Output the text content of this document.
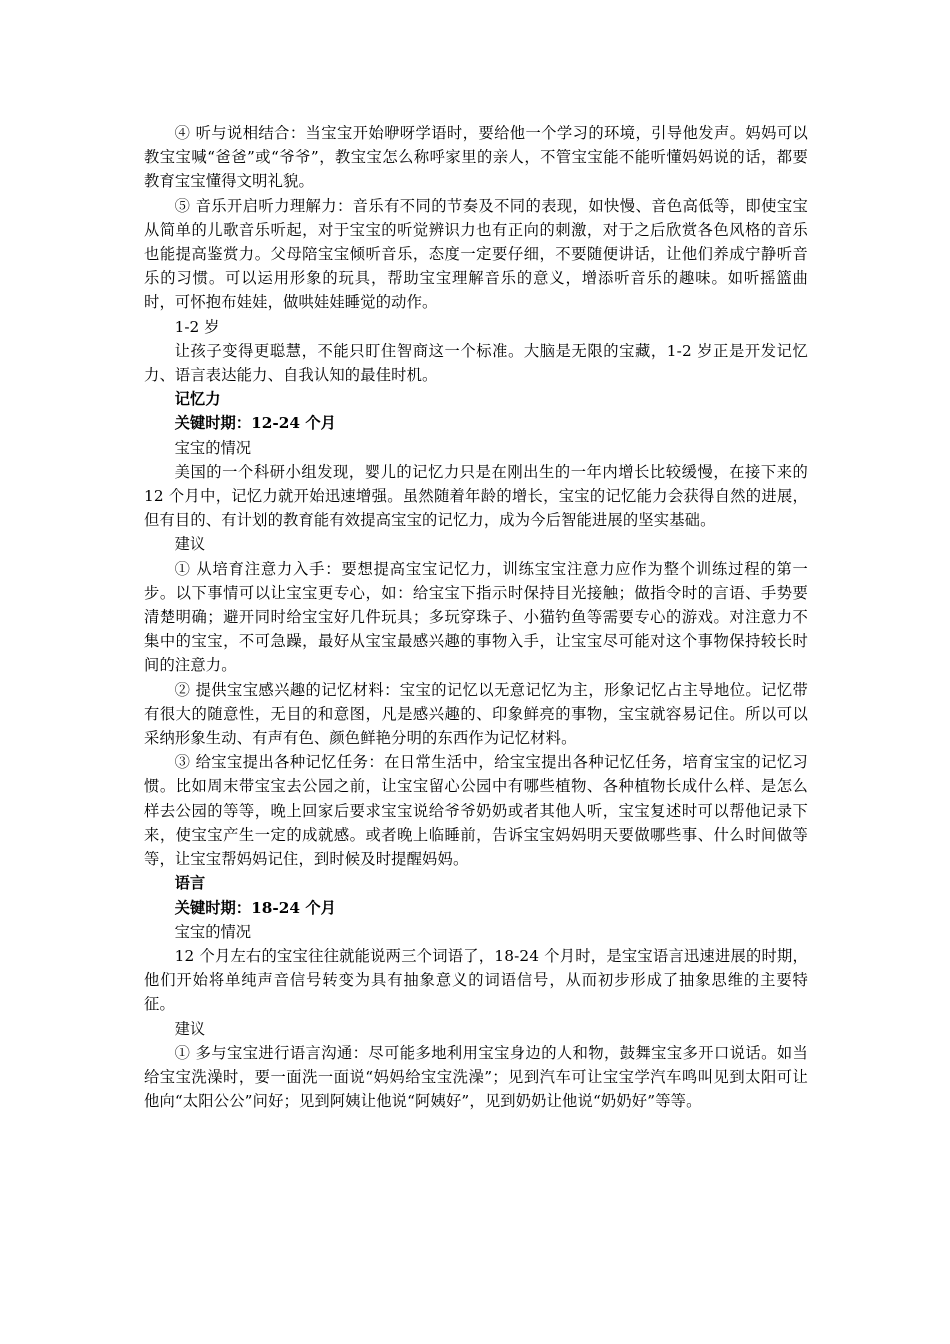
④ 听与说相结合：当宝宝开始咿呀学语时，要给他一个学习的环境，引导他发声。妈妈可以教宝宝喊“爸爸”或“爷爷”，教宝宝怎么称呼家里的亲人，不管宝宝能不能听懂妈妈说的话，都要教育宝宝懂得文明礼貌。

⑤ 音乐开启听力理解力：音乐有不同的节奏及不同的表现，如快慢、音色高低等，即使宝宝从简单的儿歌音乐听起，对于宝宝的听觉辨识力也有正向的刺激，对于之后欣赏各色风格的音乐也能提高鉴赏力。父母陪宝宝倾听音乐，态度一定要仔细，不要随便讲话，让他们养成宁静听音乐的习惯。可以运用形象的玩具，帮助宝宝理解音乐的意义，增添听音乐的趣味。如听摇篮曲时，可怀抱布娃娃，做哄娃娃睡觉的动作。

1-2 岁

让孩子变得更聪慧，不能只盯住智商这一个标准。大脑是无限的宝藏，1-2 岁正是开发记忆力、语言表达能力、自我认知的最佳时机。

记忆力

关键时期：12-24 个月

宝宝的情况

美国的一个科研小组发现，婴儿的记忆力只是在刚出生的一年内增长比较缓慢，在接下来的 12 个月中，记忆力就开始迅速增强。虽然随着年龄的增长，宝宝的记忆能力会获得自然的进展，但有目的、有计划的教育能有效提高宝宝的记忆力，成为今后智能进展的坚实基础。

建议

① 从培育注意力入手：要想提高宝宝记忆力，训练宝宝注意力应作为整个训练过程的第一步。以下事情可以让宝宝更专心，如：给宝宝下指示时保持目光接触；做指令时的言语、手势要清楚明确；避开同时给宝宝好几件玩具；多玩穿珠子、小猫钓鱼等需要专心的游戏。对注意力不集中的宝宝，不可急躁，最好从宝宝最感兴趣的事物入手，让宝宝尽可能对这个事物保持较长时间的注意力。

② 提供宝宝感兴趣的记忆材料：宝宝的记忆以无意记忆为主，形象记忆占主导地位。记忆带有很大的随意性，无目的和意图，凡是感兴趣的、印象鲜亮的事物，宝宝就容易记住。所以可以采纳形象生动、有声有色、颜色鲜艳分明的东西作为记忆材料。

③ 给宝宝提出各种记忆任务：在日常生活中，给宝宝提出各种记忆任务，培育宝宝的记忆习惯。比如周末带宝宝去公园之前，让宝宝留心公园中有哪些植物、各种植物长成什么样、是怎么样去公园的等等，晚上回家后要求宝宝说给爷爷奶奶或者其他人听，宝宝复述时可以帮他记录下来，使宝宝产生一定的成就感。或者晚上临睡前，告诉宝宝妈妈明天要做哪些事、什么时间做等等，让宝宝帮妈妈记住，到时候及时提醒妈妈。

语言

关键时期：18-24 个月

宝宝的情况

12 个月左右的宝宝往往就能说两三个词语了，18-24 个月时，是宝宝语言迅速进展的时期，他们开始将单纯声音信号转变为具有抽象意义的词语信号，从而初步形成了抽象思维的主要特征。

建议

① 多与宝宝进行语言沟通：尽可能多地利用宝宝身边的人和物，鼓舞宝宝多开口说话。如当给宝宝洗澡时，要一面洗一面说“妈妈给宝宝洗澡”；见到汽车可让宝宝学汽车鸣叫见到太阳可让他向“太阳公公”问好；见到阿姨让他说“阿姨好”，见到奶奶让他说“奶奶好”等等。
